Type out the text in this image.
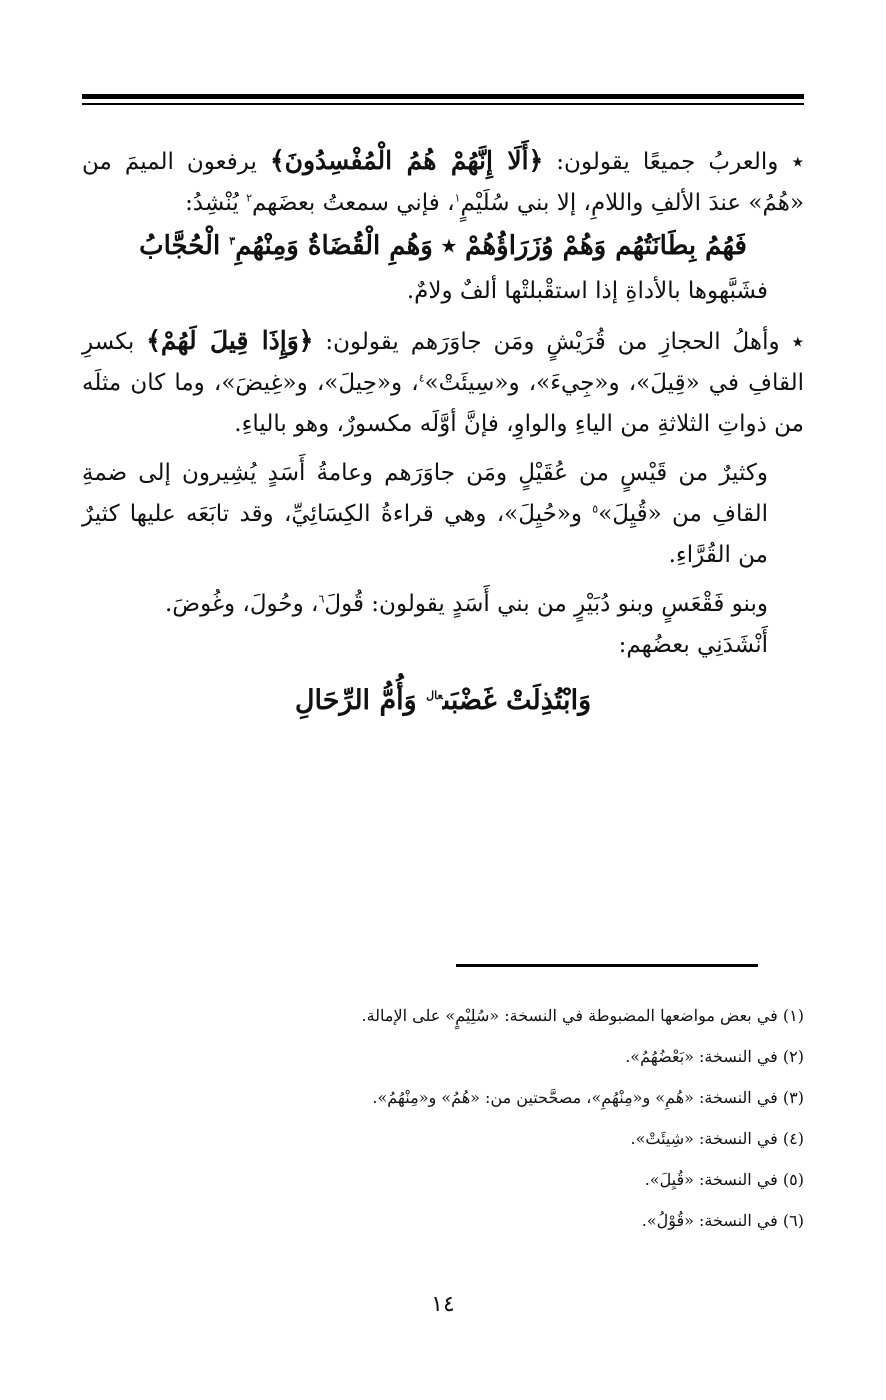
٭ والعربُ جميعًا يقولون: ﴿أَلَا إِنَّهُمْ هُمُ الْمُفْسِدُونَ﴾ يرفعون الميمَ من «هُمُ» عندَ الألفِ واللامِ، إلا بني سُلَيْمٍ$^١$، فإني سمعتُ بعضَهم$^٢$ يُنْشِدُ:

فَهُمُ بِطَانَتُهُم وَهُمْ وُزَرَاؤُهُمْ ٭ وَهُمِ الْقُضَاةُ وَمِنْهُمِ$^٣$ الْحُجَّابُ

فشَبَّهوها بالأداةِ إذا استقْبلتْها ألفٌ ولامٌ.

٭ وأهلُ الحجازِ من قُرَيْشٍ ومَن جاوَرَهم يقولون: ﴿وَإِذَا قِيلَ لَهُمْ﴾ بكسرِ القافِ في «قِيلَ»، و«جِيءَ»، و«سِيئَتْ»$^٤$، و«حِيلَ»، و«غِيضَ»، وما كان مثلَه من ذواتِ الثلاثةِ من الياءِ والواوِ، فإنَّ أوَّلَه مكسورٌ، وهو بالياءِ.

وكثيرٌ من قَيْسٍ من عُقَيْلٍ ومَن جاوَرَهم وعامةُ أَسَدٍ يُشِيرون إلى ضمةِ القافِ من «قُيِلَ»$^٥$ و«حُيِلَ»، وهي قراءةُ الكِسَائِيِّ، وقد تابَعَه عليها كثيرٌ من القُرَّاءِ.

وبنو فَقْعَسٍ وبنو دُبَيْرٍ من بني أَسَدٍ يقولون: قُولَ$^٦$، وحُولَ، وغُوضَ.

أَنْشَدَنِي بعضُهم:

وَابْتُذِلَتْ غَضْبَى$^{عال}$ وَأُمُّ الرِّحَالِ

(١) في بعض مواضعها المضبوطة في النسخة: «سُلِيْمٍ» على الإمالة.

(٢) في النسخة: «بَعْضُهُمُ».

(٣) في النسخة: «هُمِ» و«مِنْهُمِ»، مصحَّحتين من: «هُمُ» و«مِنْهُمُ».

(٤) في النسخة: «شِيئَتْ».

(٥) في النسخة: «قُيِلَ».

(٦) في النسخة: «قُوْلُ».

١٤
